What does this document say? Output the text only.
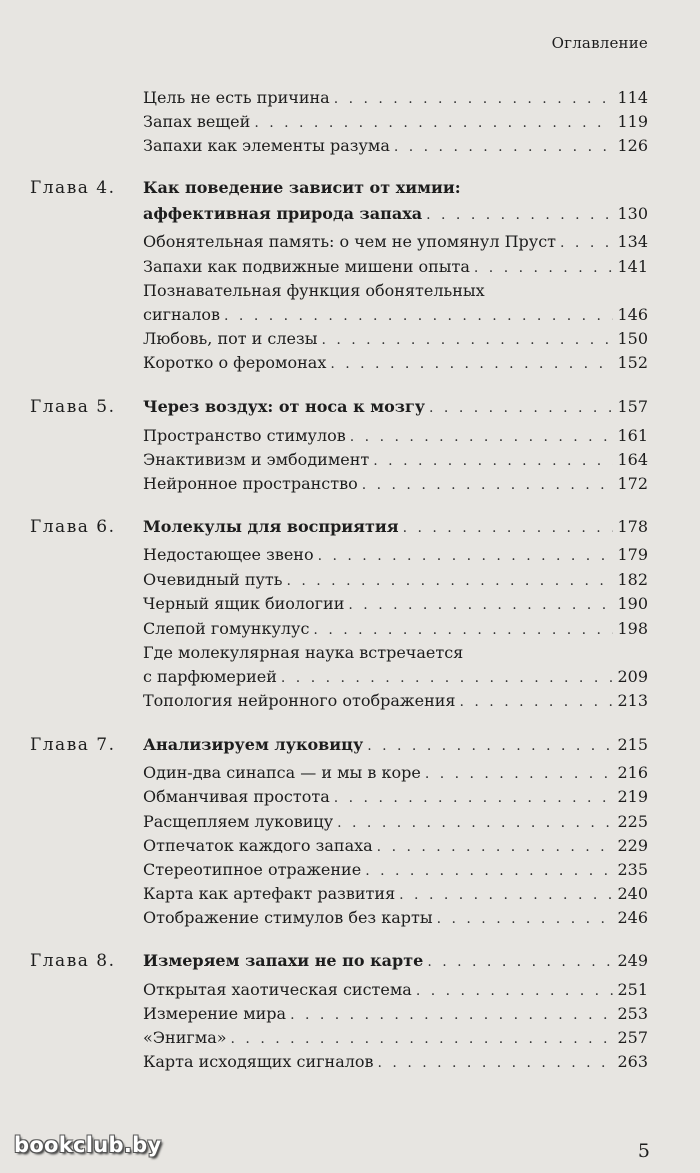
Оглавление
Цель не есть причина . . .	114
Запах вещей . . .	119
Запахи как элементы разума . . .	126
Глава 4. Как поведение зависит от химии:
аффективная природа запаха . . .	130
Обонятельная память: о чем не упомянул Пруст . . .	134
Запахи как подвижные мишени опыта . . .	141
Познавательная функция обонятельных
сигналов . . .	146
Любовь, пот и слезы . . .	150
Коротко о феромонах . . .	152
Глава 5. Через воздух: от носа к мозгу . . .	157
Пространство стимулов . . .	161
Энактивизм и эмбодимент . . .	164
Нейронное пространство . . .	172
Глава 6. Молекулы для восприятия . . .	178
Недостающее звено . . .	179
Очевидный путь . . .	182
Черный ящик биологии . . .	190
Слепой гомункулус . . .	198
Где молекулярная наука встречается
с парфюмерией . . .	209
Топология нейронного отображения . . .	213
Глава 7. Анализируем луковицу . . .	215
Один-два синапса — и мы в коре . . .	216
Обманчивая простота . . .	219
Расщепляем луковицу . . .	225
Отпечаток каждого запаха . . .	229
Стереотипное отражение . . .	235
Карта как артефакт развития . . .	240
Отображение стимулов без карты . . .	246
Глава 8. Измеряем запахи не по карте . . .	249
Открытая хаотическая система . . .	251
Измерение мира . . .	253
«Энигма» . . .	257
Карта исходящих сигналов . . .	263
5
bookclub.by
